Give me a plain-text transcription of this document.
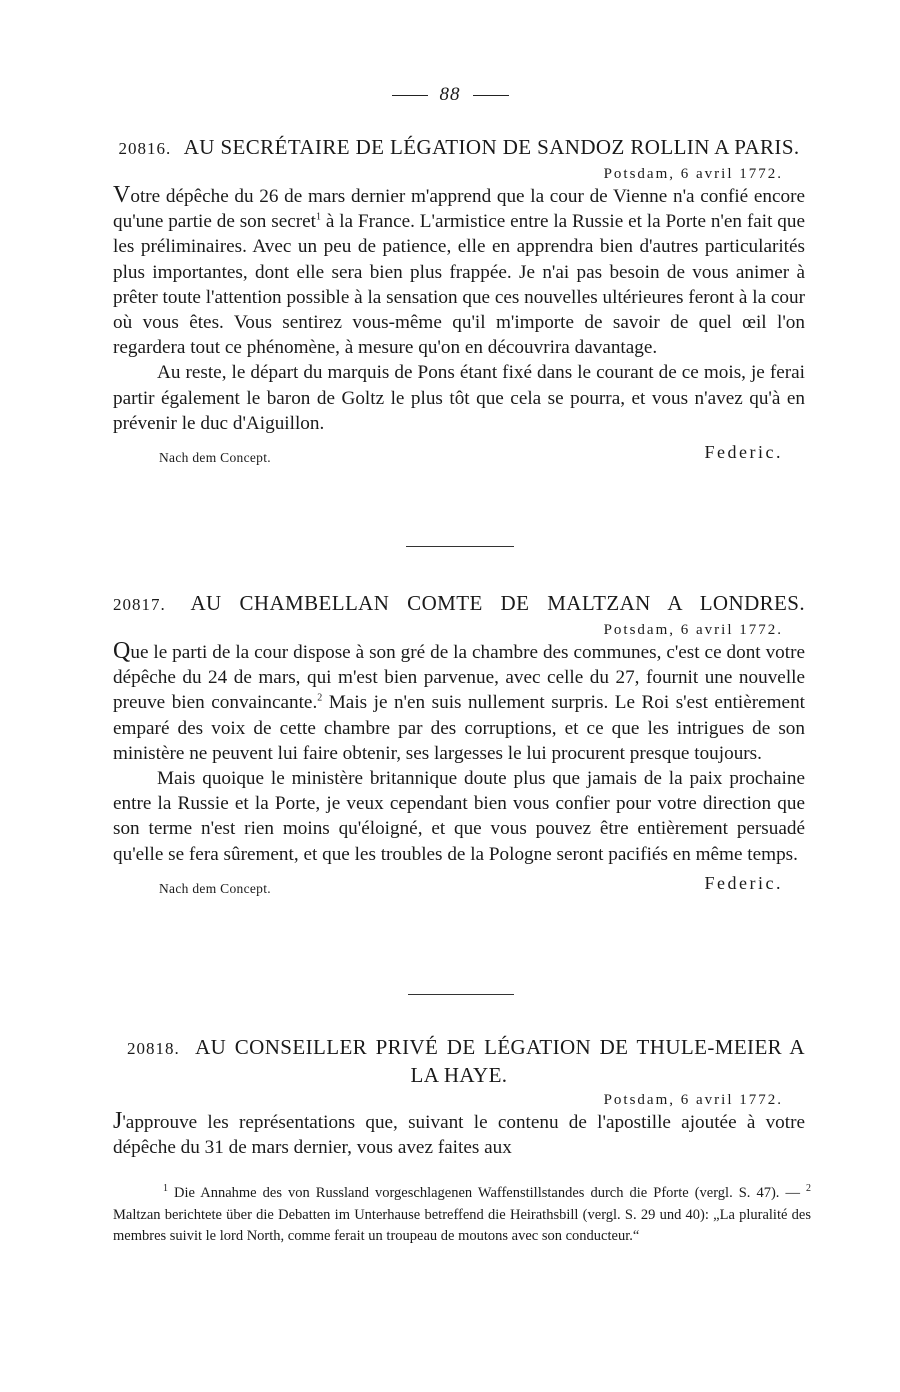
88
20816. AU SECRÉTAIRE DE LÉGATION DE SANDOZ ROLLIN A PARIS.
Potsdam, 6 avril 1772.

Votre dépêche du 26 de mars dernier m'apprend que la cour de Vienne n'a confié encore qu'une partie de son secret$^1$ à la France. L'armistice entre la Russie et la Porte n'en fait que les préliminaires. Avec un peu de patience, elle en apprendra bien d'autres particularités plus importantes, dont elle sera bien plus frappée. Je n'ai pas besoin de vous animer à prêter toute l'attention possible à la sensation que ces nouvelles ultérieures feront à la cour où vous êtes. Vous sentirez vous-même qu'il m'importe de savoir de quel œil l'on regardera tout ce phénomène, à mesure qu'on en découvrira davantage.

Au reste, le départ du marquis de Pons étant fixé dans le courant de ce mois, je ferai partir également le baron de Goltz le plus tôt que cela se pourra, et vous n'avez qu'à en prévenir le duc d'Aiguillon.

Nach dem Concept.	Federic.
20817. AU CHAMBELLAN COMTE DE MALTZAN A LONDRES.
Potsdam, 6 avril 1772.

Que le parti de la cour dispose à son gré de la chambre des communes, c'est ce dont votre dépêche du 24 de mars, qui m'est bien parvenue, avec celle du 27, fournit une nouvelle preuve bien convaincante.$^2$ Mais je n'en suis nullement surpris. Le Roi s'est entièrement emparé des voix de cette chambre par des corruptions, et ce que les intrigues de son ministère ne peuvent lui faire obtenir, ses largesses le lui procurent presque toujours.

Mais quoique le ministère britannique doute plus que jamais de la paix prochaine entre la Russie et la Porte, je veux cependant bien vous confier pour votre direction que son terme n'est rien moins qu'éloigné, et que vous pouvez être entièrement persuadé qu'elle se fera sûrement, et que les troubles de la Pologne seront pacifiés en même temps.

Nach dem Concept.	Federic.
20818. AU CONSEILLER PRIVÉ DE LÉGATION DE THULE-MEIER A LA HAYE.
Potsdam, 6 avril 1772.

J'approuve les représentations que, suivant le contenu de l'apostille ajoutée à votre dépêche du 31 de mars dernier, vous avez faites aux

$^1$ Die Annahme des von Russland vorgeschlagenen Waffenstillstandes durch die Pforte (vergl. S. 47). — $^2$ Maltzan berichtete über die Debatten im Unterhause betreffend die Heirathsbill (vergl. S. 29 und 40): „La pluralité des membres suivit le lord North, comme ferait un troupeau de moutons avec son conducteur.“
